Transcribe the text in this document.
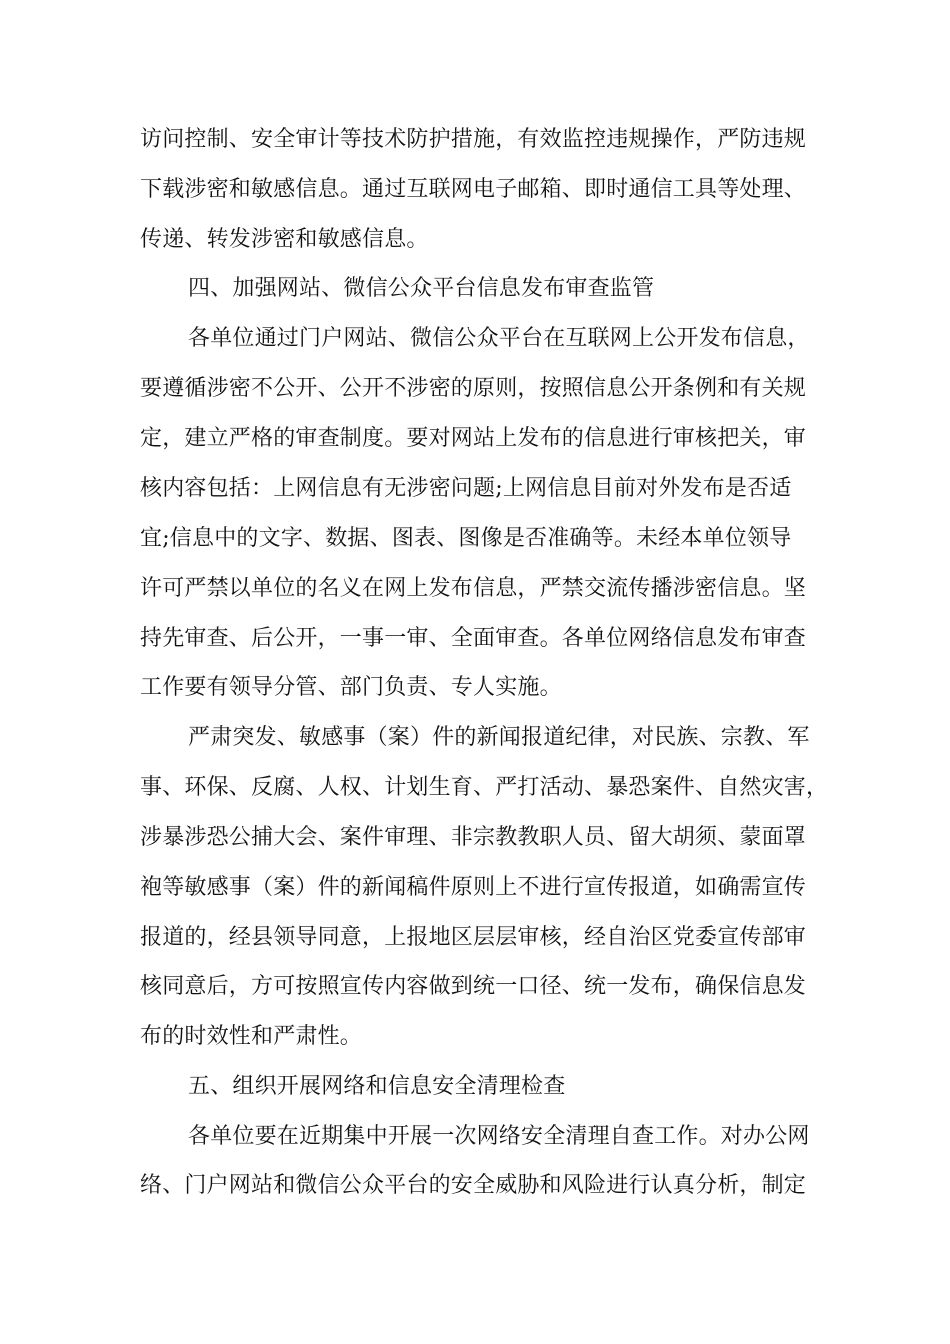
访问控制、安全审计等技术防护措施，有效监控违规操作，严防违规
下载涉密和敏感信息。通过互联网电子邮箱、即时通信工具等处理、
传递、转发涉密和敏感信息。
四、加强网站、微信公众平台信息发布审查监管
各单位通过门户网站、微信公众平台在互联网上公开发布信息，
要遵循涉密不公开、公开不涉密的原则，按照信息公开条例和有关规
定，建立严格的审查制度。要对网站上发布的信息进行审核把关，审
核内容包括：上网信息有无涉密问题;上网信息目前对外发布是否适
宜;信息中的文字、数据、图表、图像是否准确等。未经本单位领导
许可严禁以单位的名义在网上发布信息，严禁交流传播涉密信息。坚
持先审查、后公开，一事一审、全面审查。各单位网络信息发布审查
工作要有领导分管、部门负责、专人实施。
严肃突发、敏感事（案）件的新闻报道纪律，对民族、宗教、军
事、环保、反腐、人权、计划生育、严打活动、暴恐案件、自然灾害，
涉暴涉恐公捕大会、案件审理、非宗教教职人员、留大胡须、蒙面罩
袍等敏感事（案）件的新闻稿件原则上不进行宣传报道，如确需宣传
报道的，经县领导同意，上报地区层层审核，经自治区党委宣传部审
核同意后，方可按照宣传内容做到统一口径、统一发布，确保信息发
布的时效性和严肃性。
五、组织开展网络和信息安全清理检查
各单位要在近期集中开展一次网络安全清理自查工作。对办公网
络、门户网站和微信公众平台的安全威胁和风险进行认真分析，制定
